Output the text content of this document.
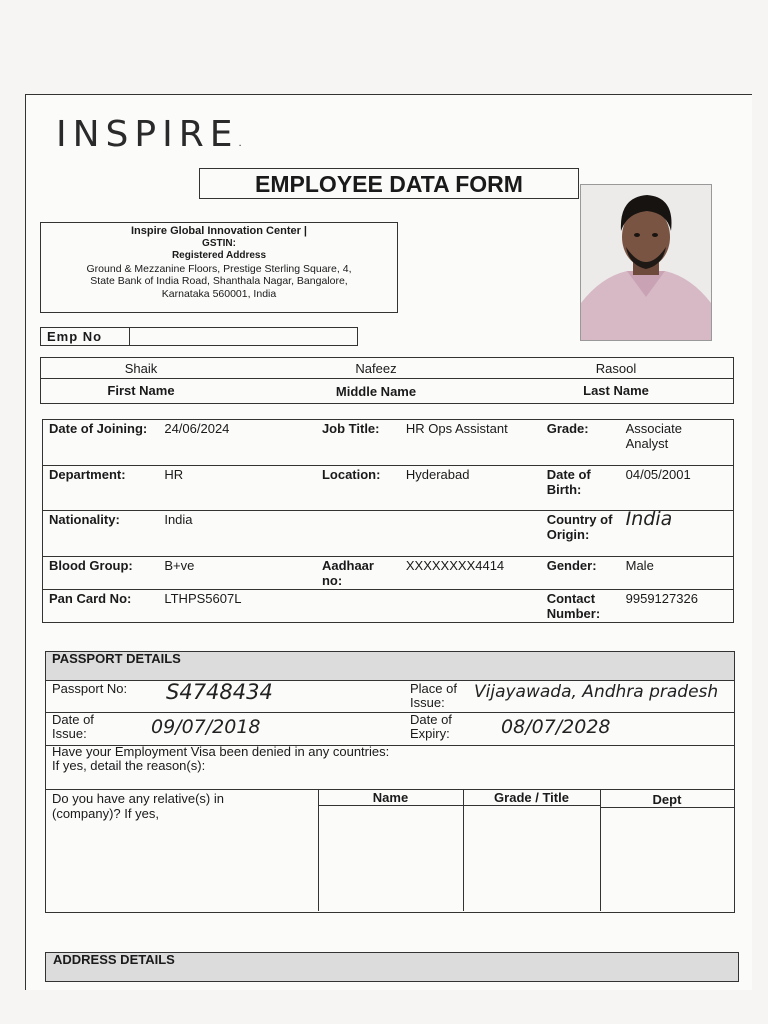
INSPIRE.
EMPLOYEE DATA FORM
Inspire Global Innovation Center |
GSTIN:
Registered Address
Ground & Mezzanine Floors, Prestige Sterling Square, 4,
State Bank of India Road, Shanthala Nagar, Bangalore,
Karnataka 560001, India
Emp No
Shaik	Nafeez	Rasool
First Name	Middle Name	Last Name
Date of Joining:	24/06/2024	Job Title:	HR Ops Assistant	Grade:	Associate Analyst
Department:	HR	Location:	Hyderabad	Date of Birth:	04/05/2001
Nationality:	India			Country of Origin:	India
Blood Group:	B+ve	Aadhaar no:	XXXXXXXX4414	Gender:	Male
Pan Card No:	LTHPS5607L			Contact Number:	9959127326
PASSPORT DETAILS
Passport No: S4748434	Place of Issue:
Vijayawada, Andhra pradesh
Date of Issue:	09/07/2018	Date of Expiry:	08/07/2028
Have your Employment Visa been denied in any countries:
If yes, detail the reason(s):
Do you have any relative(s) in
(company)? If yes,
Name	Grade / Title	Dept
ADDRESS DETAILS
